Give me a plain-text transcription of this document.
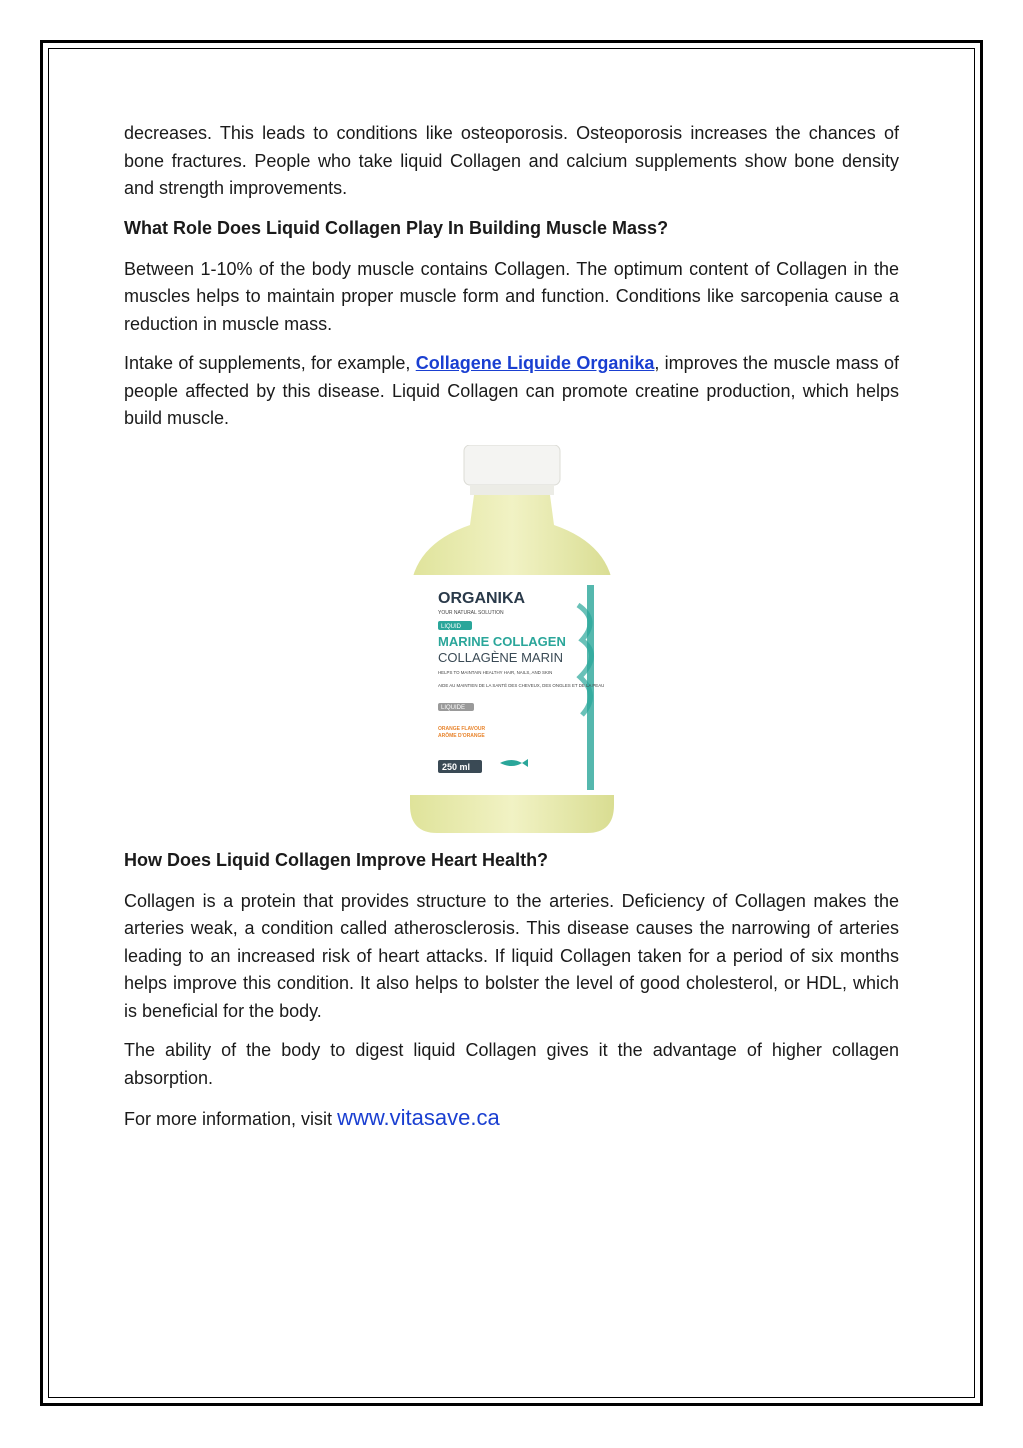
decreases. This leads to conditions like osteoporosis. Osteoporosis increases the chances of bone fractures. People who take liquid Collagen and calcium supplements show bone density and strength improvements.

What Role Does Liquid Collagen Play In Building Muscle Mass?

Between 1-10% of the body muscle contains Collagen. The optimum content of Collagen in the muscles helps to maintain proper muscle form and function. Conditions like sarcopenia cause a reduction in muscle mass.

Intake of supplements, for example, Collagene Liquide Organika, improves the muscle mass of people affected by this disease. Liquid Collagen can promote creatine production, which helps build muscle.

ORGANIKA
YOUR NATURAL SOLUTION
LIQUID
MARINE COLLAGEN
COLLAGÈNE MARIN
HELPS TO MAINTAIN HEALTHY HAIR, NAILS, AND SKIN
AIDE AU MAINTIEN DE LA SANTÉ DES CHEVEUX, DES ONGLES ET DE LA PEAU
LIQUIDE
ORANGE FLAVOUR
ARÔME D'ORANGE
250 ml
How Does Liquid Collagen Improve Heart Health?

Collagen is a protein that provides structure to the arteries. Deficiency of Collagen makes the arteries weak, a condition called atherosclerosis. This disease causes the narrowing of arteries leading to an increased risk of heart attacks. If liquid Collagen taken for a period of six months helps improve this condition. It also helps to bolster the level of good cholesterol, or HDL, which is beneficial for the body.

The ability of the body to digest liquid Collagen gives it the advantage of higher collagen absorption.

For more information, visit www.vitasave.ca
